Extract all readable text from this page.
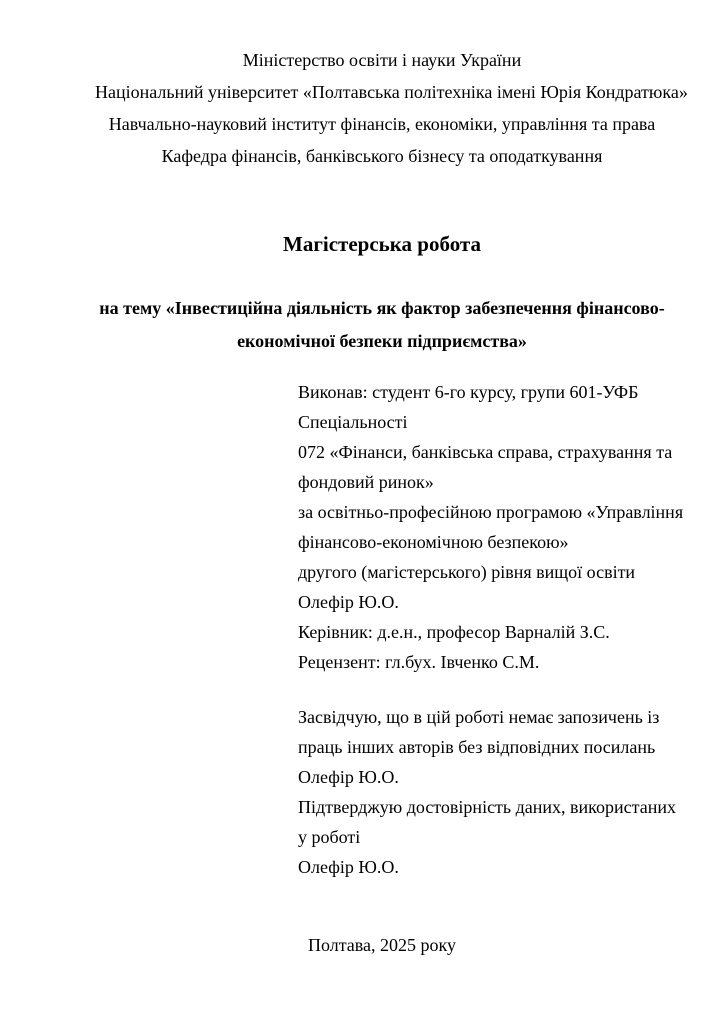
Міністерство освіти і науки України

Національний університет «Полтавська політехніка імені Юрія Кондратюка»

Навчально-науковий інститут фінансів, економіки, управління та права

Кафедра фінансів, банківського бізнесу та оподаткування

Магістерська робота

на тему «Інвестиційна діяльність як фактор забезпечення фінансово-

економічної безпеки підприємства»

Виконав: студент 6-го курсу, групи 601-УФБ

Спеціальності

072 «Фінанси, банківська справа, страхування та

фондовий ринок»

за освітньо-професійною програмою «Управління

фінансово-економічною безпекою»

другого (магістерського) рівня вищої освіти

Олефір Ю.О.

Керівник: д.е.н., професор Варналій З.С.

Рецензент: гл.бух. Івченко С.М.

Засвідчую, що в цій роботі немає запозичень із

праць інших авторів без відповідних посилань

Олефір Ю.О.

Підтверджую достовірність даних, використаних

у роботі

Олефір Ю.О.

Полтава, 2025 року
